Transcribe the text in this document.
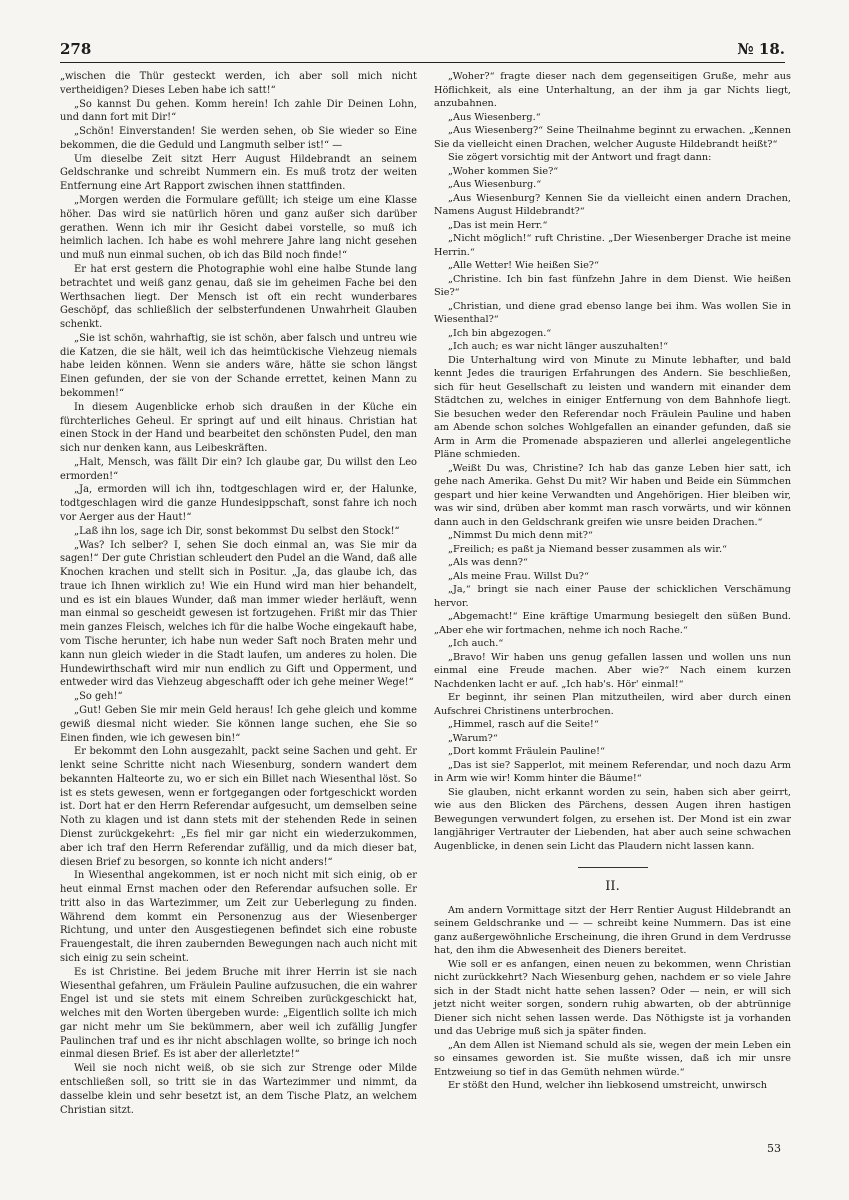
278	№ 18.

„wischen die Thür gesteckt werden, ich aber soll mich nicht vertheidigen? Dieses Leben habe ich satt!“

„So kannst Du gehen. Komm herein! Ich zahle Dir Deinen Lohn, und dann fort mit Dir!“

„Schön! Einverstanden! Sie werden sehen, ob Sie wieder so Eine bekommen, die die Geduld und Langmuth selber ist!“ —

Um dieselbe Zeit sitzt Herr August Hildebrandt an seinem Geldschranke und schreibt Nummern ein. Es muß trotz der weiten Entfernung eine Art Rapport zwischen ihnen stattfinden.

„Morgen werden die Formulare gefüllt; ich steige um eine Klasse höher. Das wird sie natürlich hören und ganz außer sich darüber gerathen. Wenn ich mir ihr Gesicht dabei vorstelle, so muß ich heimlich lachen. Ich habe es wohl mehrere Jahre lang nicht gesehen und muß nun einmal suchen, ob ich das Bild noch finde!“

Er hat erst gestern die Photographie wohl eine halbe Stunde lang betrachtet und weiß ganz genau, daß sie im geheimen Fache bei den Werthsachen liegt. Der Mensch ist oft ein recht wunderbares Geschöpf, das schließlich der selbsterfundenen Unwahrheit Glauben schenkt.

„Sie ist schön, wahrhaftig, sie ist schön, aber falsch und untreu wie die Katzen, die sie hält, weil ich das heimtückische Viehzeug niemals habe leiden können. Wenn sie anders wäre, hätte sie schon längst Einen gefunden, der sie von der Schande errettet, keinen Mann zu bekommen!“

In diesem Augenblicke erhob sich draußen in der Küche ein fürchterliches Geheul. Er springt auf und eilt hinaus. Christian hat einen Stock in der Hand und bearbeitet den schönsten Pudel, den man sich nur denken kann, aus Leibeskräften.

„Halt, Mensch, was fällt Dir ein? Ich glaube gar, Du willst den Leo ermorden!“

„Ja, ermorden will ich ihn, todtgeschlagen wird er, der Halunke, todtgeschlagen wird die ganze Hundesippschaft, sonst fahre ich noch vor Aerger aus der Haut!“

„Laß ihn los, sage ich Dir, sonst bekommst Du selbst den Stock!“

„Was? Ich selber? I, sehen Sie doch einmal an, was Sie mir da sagen!“ Der gute Christian schleudert den Pudel an die Wand, daß alle Knochen krachen und stellt sich in Positur. „Ja, das glaube ich, das traue ich Ihnen wirklich zu! Wie ein Hund wird man hier behandelt, und es ist ein blaues Wunder, daß man immer wieder herläuft, wenn man einmal so gescheidt gewesen ist fortzugehen. Frißt mir das Thier mein ganzes Fleisch, welches ich für die halbe Woche eingekauft habe, vom Tische herunter, ich habe nun weder Saft noch Braten mehr und kann nun gleich wieder in die Stadt laufen, um anderes zu holen. Die Hundewirthschaft wird mir nun endlich zu Gift und Opperment, und entweder wird das Viehzeug abgeschafft oder ich gehe meiner Wege!“

„So geh!“

„Gut! Geben Sie mir mein Geld heraus! Ich gehe gleich und komme gewiß diesmal nicht wieder. Sie können lange suchen, ehe Sie so Einen finden, wie ich gewesen bin!“

Er bekommt den Lohn ausgezahlt, packt seine Sachen und geht. Er lenkt seine Schritte nicht nach Wiesenburg, sondern wandert dem bekannten Halteorte zu, wo er sich ein Billet nach Wiesenthal löst. So ist es stets gewesen, wenn er fortgegangen oder fortgeschickt worden ist. Dort hat er den Herrn Referendar aufgesucht, um demselben seine Noth zu klagen und ist dann stets mit der stehenden Rede in seinen Dienst zurückgekehrt: „Es fiel mir gar nicht ein wiederzukommen, aber ich traf den Herrn Referendar zufällig, und da mich dieser bat, diesen Brief zu besorgen, so konnte ich nicht anders!“

In Wiesenthal angekommen, ist er noch nicht mit sich einig, ob er heut einmal Ernst machen oder den Referendar aufsuchen solle. Er tritt also in das Wartezimmer, um Zeit zur Ueberlegung zu finden. Während dem kommt ein Personenzug aus der Wiesenberger Richtung, und unter den Ausgestiegenen befindet sich eine robuste Frauengestalt, die ihren zaubernden Bewegungen nach auch nicht mit sich einig zu sein scheint.

Es ist Christine. Bei jedem Bruche mit ihrer Herrin ist sie nach Wiesenthal gefahren, um Fräulein Pauline aufzusuchen, die ein wahrer Engel ist und sie stets mit einem Schreiben zurückgeschickt hat, welches mit den Worten übergeben wurde: „Eigentlich sollte ich mich gar nicht mehr um Sie bekümmern, aber weil ich zufällig Jungfer Paulinchen traf und es ihr nicht abschlagen wollte, so bringe ich noch einmal diesen Brief. Es ist aber der allerletzte!“

Weil sie noch nicht weiß, ob sie sich zur Strenge oder Milde entschließen soll, so tritt sie in das Wartezimmer und nimmt, da dasselbe klein und sehr besetzt ist, an dem Tische Platz, an welchem Christian sitzt.

„Woher?“ fragte dieser nach dem gegenseitigen Gruße, mehr aus Höflichkeit, als eine Unterhaltung, an der ihm ja gar Nichts liegt, anzubahnen.

„Aus Wiesenberg.“

„Aus Wiesenberg?“ Seine Theilnahme beginnt zu erwachen. „Kennen Sie da vielleicht einen Drachen, welcher Auguste Hildebrandt heißt?“

Sie zögert vorsichtig mit der Antwort und fragt dann:

„Woher kommen Sie?“

„Aus Wiesenburg.“

„Aus Wiesenburg? Kennen Sie da vielleicht einen andern Drachen, Namens August Hildebrandt?“

„Das ist mein Herr.“

„Nicht möglich!“ ruft Christine. „Der Wiesenberger Drache ist meine Herrin.“

„Alle Wetter! Wie heißen Sie?“

„Christine. Ich bin fast fünfzehn Jahre in dem Dienst. Wie heißen Sie?“

„Christian, und diene grad ebenso lange bei ihm. Was wollen Sie in Wiesenthal?“

„Ich bin abgezogen.“

„Ich auch; es war nicht länger auszuhalten!“

Die Unterhaltung wird von Minute zu Minute lebhafter, und bald kennt Jedes die traurigen Erfahrungen des Andern. Sie beschließen, sich für heut Gesellschaft zu leisten und wandern mit einander dem Städtchen zu, welches in einiger Entfernung von dem Bahnhofe liegt. Sie besuchen weder den Referendar noch Fräulein Pauline und haben am Abende schon solches Wohlgefallen an einander gefunden, daß sie Arm in Arm die Promenade abspazieren und allerlei angelegentliche Pläne schmieden.

„Weißt Du was, Christine? Ich hab das ganze Leben hier satt, ich gehe nach Amerika. Gehst Du mit? Wir haben und Beide ein Sümmchen gespart und hier keine Verwandten und Angehörigen. Hier bleiben wir, was wir sind, drüben aber kommt man rasch vorwärts, und wir können dann auch in den Geldschrank greifen wie unsre beiden Drachen.“

„Nimmst Du mich denn mit?“

„Freilich; es paßt ja Niemand besser zusammen als wir.“

„Als was denn?“

„Als meine Frau. Willst Du?“

„Ja,“ bringt sie nach einer Pause der schicklichen Verschämung hervor.

„Abgemacht!“ Eine kräftige Umarmung besiegelt den süßen Bund. „Aber ehe wir fortmachen, nehme ich noch Rache.“

„Ich auch.“

„Bravo! Wir haben uns genug gefallen lassen und wollen uns nun einmal eine Freude machen. Aber wie?“ Nach einem kurzen Nachdenken lacht er auf. „Ich hab's. Hör' einmal!“

Er beginnt, ihr seinen Plan mitzutheilen, wird aber durch einen Aufschrei Christinens unterbrochen.

„Himmel, rasch auf die Seite!“

„Warum?“

„Dort kommt Fräulein Pauline!“

„Das ist sie? Sapperlot, mit meinem Referendar, und noch dazu Arm in Arm wie wir! Komm hinter die Bäume!“

Sie glauben, nicht erkannt worden zu sein, haben sich aber geirrt, wie aus den Blicken des Pärchens, dessen Augen ihren hastigen Bewegungen verwundert folgen, zu ersehen ist. Der Mond ist ein zwar langjähriger Vertrauter der Liebenden, hat aber auch seine schwachen Augenblicke, in denen sein Licht das Plaudern nicht lassen kann.

II.

Am andern Vormittage sitzt der Herr Rentier August Hildebrandt an seinem Geldschranke und — — schreibt keine Nummern. Das ist eine ganz außergewöhnliche Erscheinung, die ihren Grund in dem Verdrusse hat, den ihm die Abwesenheit des Dieners bereitet.

Wie soll er es anfangen, einen neuen zu bekommen, wenn Christian nicht zurückkehrt? Nach Wiesenburg gehen, nachdem er so viele Jahre sich in der Stadt nicht hatte sehen lassen? Oder — nein, er will sich jetzt nicht weiter sorgen, sondern ruhig abwarten, ob der abtrünnige Diener sich nicht sehen lassen werde. Das Nöthigste ist ja vorhanden und das Uebrige muß sich ja später finden.

„An dem Allen ist Niemand schuld als sie, wegen der mein Leben ein so einsames geworden ist. Sie mußte wissen, daß ich mir unsre Entzweiung so tief in das Gemüth nehmen würde.“

Er stößt den Hund, welcher ihn liebkosend umstreicht, unwirsch

53
